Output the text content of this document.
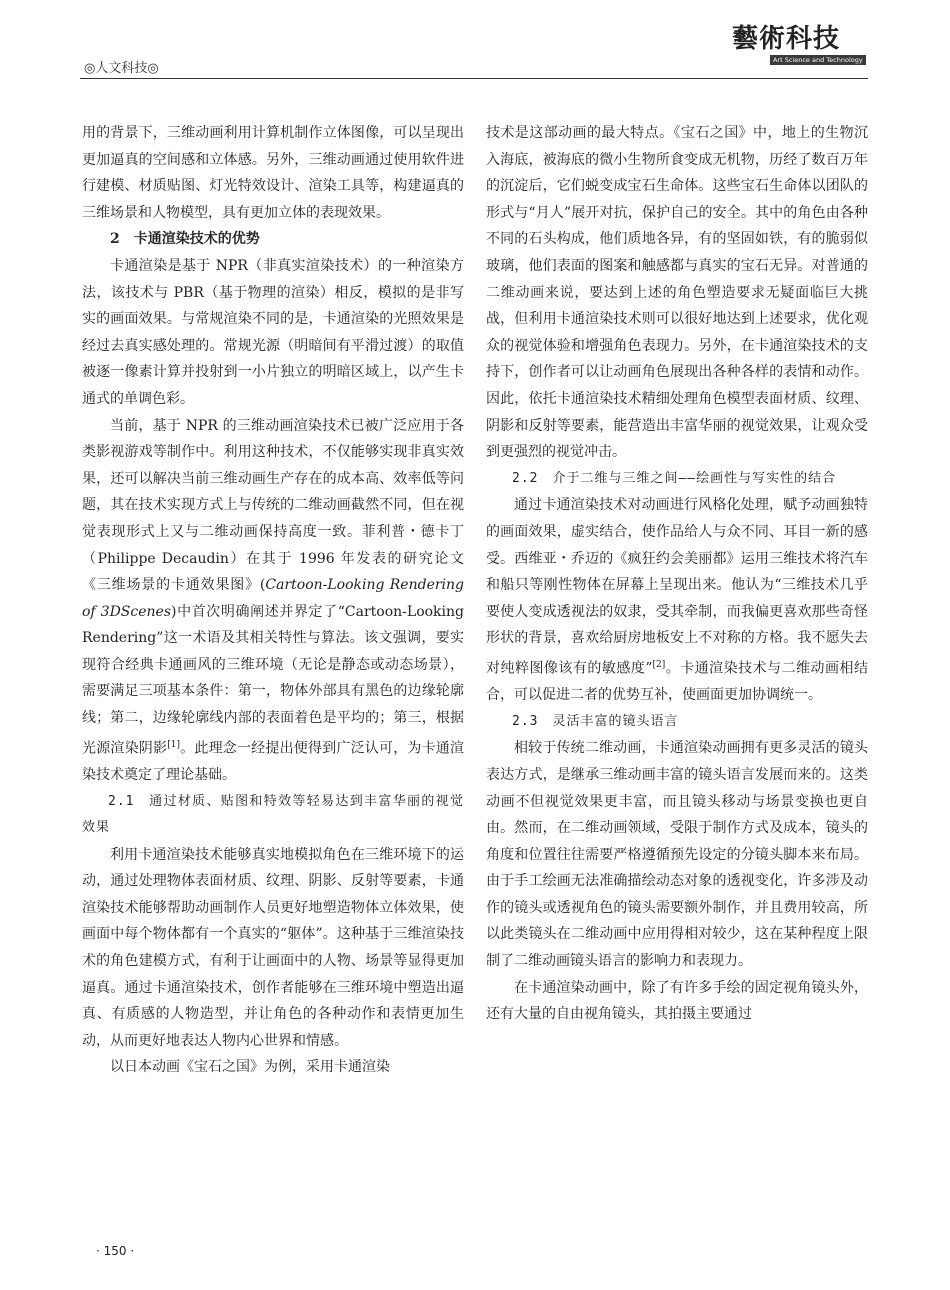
◎人文科技◎
藝術科技
Art Science and Technology

用的背景下，三维动画利用计算机制作立体图像，可以呈现出更加逼真的空间感和立体感。另外，三维动画通过使用软件进行建模、材质贴图、灯光特效设计、渲染工具等，构建逼真的三维场景和人物模型，具有更加立体的表现效果。

2　卡通渲染技术的优势

卡通渲染是基于 NPR（非真实渲染技术）的一种渲染方法，该技术与 PBR（基于物理的渲染）相反，模拟的是非写实的画面效果。与常规渲染不同的是，卡通渲染的光照效果是经过去真实感处理的。常规光源（明暗间有平滑过渡）的取值被逐一像素计算并投射到一小片独立的明暗区域上，以产生卡通式的单调色彩。

当前，基于 NPR 的三维动画渲染技术已被广泛应用于各类影视游戏等制作中。利用这种技术，不仅能够实现非真实效果，还可以解决当前三维动画生产存在的成本高、效率低等问题，其在技术实现方式上与传统的二维动画截然不同，但在视觉表现形式上又与二维动画保持高度一致。菲利普・德卡丁（Philippe Decaudin）在其于 1996 年发表的研究论文《三维场景的卡通效果图》(Cartoon-Looking Rendering of 3DScenes)中首次明确阐述并界定了“Cartoon-Looking Rendering”这一术语及其相关特性与算法。该文强调，要实现符合经典卡通画风的三维环境（无论是静态或动态场景），需要满足三项基本条件：第一，物体外部具有黑色的边缘轮廓线；第二，边缘轮廓线内部的表面着色是平均的；第三，根据光源渲染阴影[1]。此理念一经提出便得到广泛认可，为卡通渲染技术奠定了理论基础。

2.1　通过材质、贴图和特效等轻易达到丰富华丽的视觉效果

利用卡通渲染技术能够真实地模拟角色在三维环境下的运动，通过处理物体表面材质、纹理、阴影、反射等要素，卡通渲染技术能够帮助动画制作人员更好地塑造物体立体效果，使画面中每个物体都有一个真实的“躯体”。这种基于三维渲染技术的角色建模方式，有利于让画面中的人物、场景等显得更加逼真。通过卡通渲染技术，创作者能够在三维环境中塑造出逼真、有质感的人物造型，并让角色的各种动作和表情更加生动，从而更好地表达人物内心世界和情感。

以日本动画《宝石之国》为例，采用卡通渲染

技术是这部动画的最大特点。《宝石之国》中，地上的生物沉入海底，被海底的微小生物所食变成无机物，历经了数百万年的沉淀后，它们蜕变成宝石生命体。这些宝石生命体以团队的形式与“月人”展开对抗，保护自己的安全。其中的角色由各种不同的石头构成，他们质地各异，有的坚固如铁，有的脆弱似玻璃，他们表面的图案和触感都与真实的宝石无异。对普通的二维动画来说，要达到上述的角色塑造要求无疑面临巨大挑战，但利用卡通渲染技术则可以很好地达到上述要求，优化观众的视觉体验和增强角色表现力。另外，在卡通渲染技术的支持下，创作者可以让动画角色展现出各种各样的表情和动作。因此，依托卡通渲染技术精细处理角色模型表面材质、纹理、阴影和反射等要素，能营造出丰富华丽的视觉效果，让观众受到更强烈的视觉冲击。

2.2　介于二维与三维之间——绘画性与写实性的结合

通过卡通渲染技术对动画进行风格化处理，赋予动画独特的画面效果，虚实结合，使作品给人与众不同、耳目一新的感受。西维亚・乔迈的《疯狂约会美丽都》运用三维技术将汽车和船只等刚性物体在屏幕上呈现出来。他认为“三维技术几乎要使人变成透视法的奴隶，受其牵制，而我偏更喜欢那些奇怪形状的背景，喜欢给厨房地板安上不对称的方格。我不愿失去对纯粹图像该有的敏感度”[2]。卡通渲染技术与二维动画相结合，可以促进二者的优势互补，使画面更加协调统一。

2.3　灵活丰富的镜头语言

相较于传统二维动画，卡通渲染动画拥有更多灵活的镜头表达方式，是继承三维动画丰富的镜头语言发展而来的。这类动画不但视觉效果更丰富，而且镜头移动与场景变换也更自由。然而，在二维动画领域，受限于制作方式及成本，镜头的角度和位置往往需要严格遵循预先设定的分镜头脚本来布局。由于手工绘画无法准确描绘动态对象的透视变化，许多涉及动作的镜头或透视角色的镜头需要额外制作，并且费用较高，所以此类镜头在二维动画中应用得相对较少，这在某种程度上限制了二维动画镜头语言的影响力和表现力。

在卡通渲染动画中，除了有许多手绘的固定视角镜头外，还有大量的自由视角镜头，其拍摄主要通过

· 150 ·
